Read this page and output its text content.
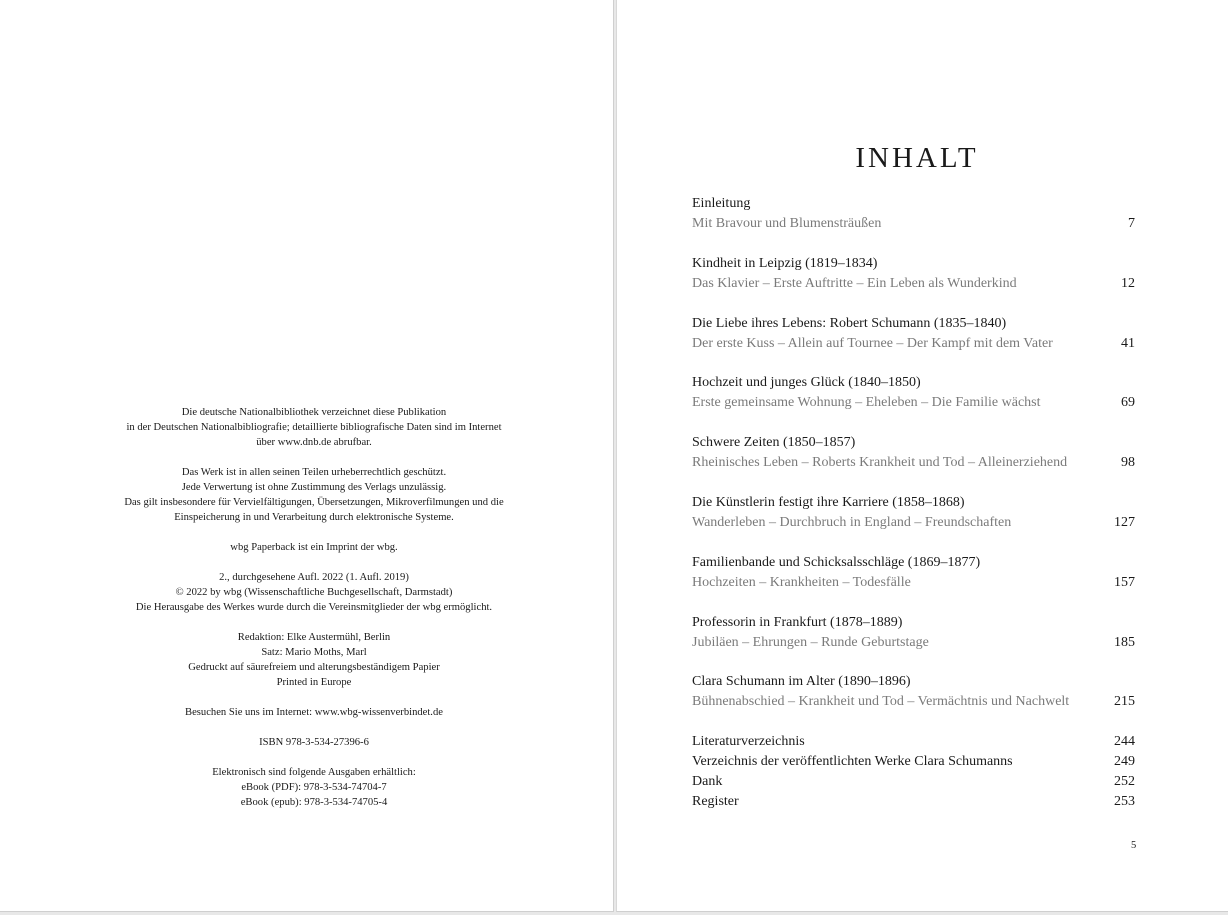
Die deutsche Nationalbibliothek verzeichnet diese Publikation
in der Deutschen Nationalbibliografie; detaillierte bibliografische Daten sind im Internet
über www.dnb.de abrufbar.
Das Werk ist in allen seinen Teilen urheberrechtlich geschützt.
Jede Verwertung ist ohne Zustimmung des Verlags unzulässig.
Das gilt insbesondere für Vervielfältigungen, Übersetzungen, Mikroverfilmungen und die
Einspeicherung in und Verarbeitung durch elektronische Systeme.
wbg Paperback ist ein Imprint der wbg.
2., durchgesehene Aufl. 2022 (1. Aufl. 2019)
© 2022 by wbg (Wissenschaftliche Buchgesellschaft, Darmstadt)
Die Herausgabe des Werkes wurde durch die Vereinsmitglieder der wbg ermöglicht.
Redaktion: Elke Austermühl, Berlin
Satz: Mario Moths, Marl
Gedruckt auf säurefreiem und alterungsbeständigem Papier
Printed in Europe
Besuchen Sie uns im Internet: www.wbg-wissenverbindet.de
ISBN 978-3-534-27396-6
Elektronisch sind folgende Ausgaben erhältlich:
eBook (PDF): 978-3-534-74704-7
eBook (epub): 978-3-534-74705-4
INHALT
Einleitung
Mit Bravour und Blumensträußen	7
Kindheit in Leipzig (1819–1834)
Das Klavier – Erste Auftritte – Ein Leben als Wunderkind	12
Die Liebe ihres Lebens: Robert Schumann (1835–1840)
Der erste Kuss – Allein auf Tournee – Der Kampf mit dem Vater	41
Hochzeit und junges Glück (1840–1850)
Erste gemeinsame Wohnung – Eheleben – Die Familie wächst	69
Schwere Zeiten (1850–1857)
Rheinisches Leben – Roberts Krankheit und Tod – Alleinerziehend	98
Die Künstlerin festigt ihre Karriere (1858–1868)
Wanderleben – Durchbruch in England – Freundschaften	127
Familienbande und Schicksalsschläge (1869–1877)
Hochzeiten – Krankheiten – Todesfälle	157
Professorin in Frankfurt (1878–1889)
Jubiläen – Ehrungen – Runde Geburtstage	185
Clara Schumann im Alter (1890–1896)
Bühnenabschied – Krankheit und Tod – Vermächtnis und Nachwelt	215
Literaturverzeichnis	244
Verzeichnis der veröffentlichten Werke Clara Schumanns	249
Dank	252
Register	253
5
